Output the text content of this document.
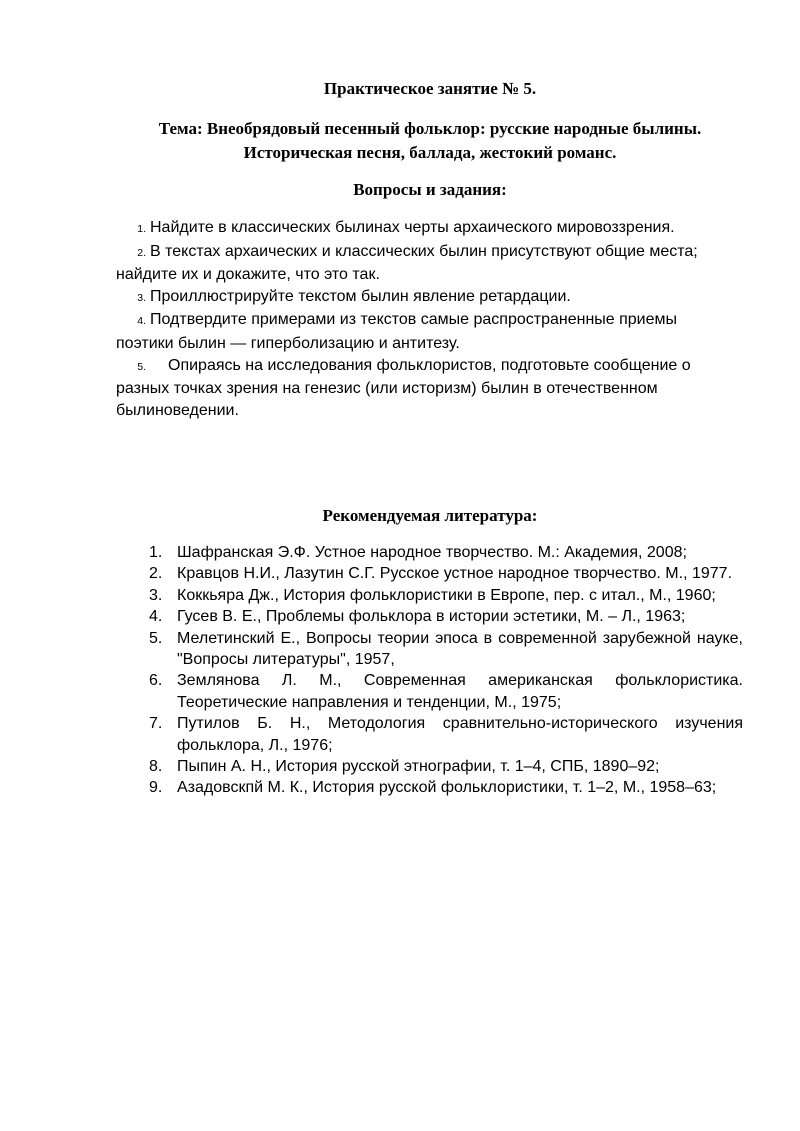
Практическое занятие № 5.
Тема: Внеобрядовый песенный фольклор: русские народные былины.
Историческая песня, баллада, жестокий романс.
Вопросы и задания:

1. Найдите в классических былинах черты архаического мировоззрения.

2. В текстах архаических и классических былин присутствуют общие места; найдите их и докажите, что это так.

3. Проиллюстрируйте текстом былин явление ретардации.

4. Подтвердите примерами из текстов самые распространенные приемы поэтики былин — гиперболизацию и антитезу.

5. Опираясь на исследования фольклористов, подготовьте сообщение о разных точках зрения на генезис (или историзм) былин в отечественном былиноведении.

Рекомендуемая литература:
1. Шафранская Э.Ф. Устное народное творчество. М.: Академия, 2008;
2. Кравцов Н.И., Лазутин С.Г. Русское устное народное творчество. М., 1977.
3. Коккьяра Дж., История фольклористики в Европе, пер. с итал., М., 1960;
4. Гусев В. Е., Проблемы фольклора в истории эстетики, М. – Л., 1963;
5. Мелетинский Е., Вопросы теории эпоса в современной зарубежной науке, "Вопросы литературы", 1957,
6. Землянова Л. М., Современная американская фольклористика. Теоретические направления и тенденции, М., 1975;
7. Путилов Б. Н., Методология сравнительно-исторического изучения фольклора, Л., 1976;
8. Пыпин А. Н., История русской этнографии, т. 1–4, СПБ, 1890–92;
9. Азадовскпй М. К., История русской фольклористики, т. 1–2, М., 1958–63;
